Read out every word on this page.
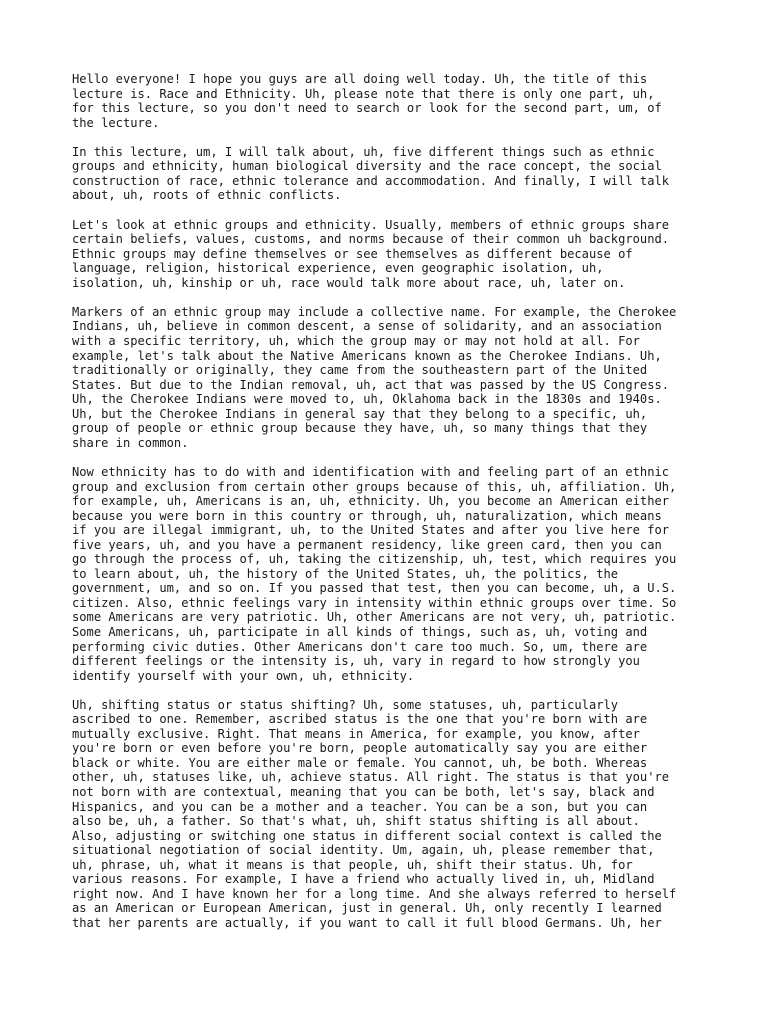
Hello everyone! I hope you guys are all doing well today. Uh, the title of this
lecture is. Race and Ethnicity. Uh, please note that there is only one part, uh,
for this lecture, so you don't need to search or look for the second part, um, of
the lecture.

In this lecture, um, I will talk about, uh, five different things such as ethnic
groups and ethnicity, human biological diversity and the race concept, the social
construction of race, ethnic tolerance and accommodation. And finally, I will talk
about, uh, roots of ethnic conflicts.

Let's look at ethnic groups and ethnicity. Usually, members of ethnic groups share
certain beliefs, values, customs, and norms because of their common uh background.
Ethnic groups may define themselves or see themselves as different because of
language, religion, historical experience, even geographic isolation, uh,
isolation, uh, kinship or uh, race would talk more about race, uh, later on.

Markers of an ethnic group may include a collective name. For example, the Cherokee
Indians, uh, believe in common descent, a sense of solidarity, and an association
with a specific territory, uh, which the group may or may not hold at all. For
example, let's talk about the Native Americans known as the Cherokee Indians. Uh,
traditionally or originally, they came from the southeastern part of the United
States. But due to the Indian removal, uh, act that was passed by the US Congress.
Uh, the Cherokee Indians were moved to, uh, Oklahoma back in the 1830s and 1940s.
Uh, but the Cherokee Indians in general say that they belong to a specific, uh,
group of people or ethnic group because they have, uh, so many things that they
share in common.

Now ethnicity has to do with and identification with and feeling part of an ethnic
group and exclusion from certain other groups because of this, uh, affiliation. Uh,
for example, uh, Americans is an, uh, ethnicity. Uh, you become an American either
because you were born in this country or through, uh, naturalization, which means
if you are illegal immigrant, uh, to the United States and after you live here for
five years, uh, and you have a permanent residency, like green card, then you can
go through the process of, uh, taking the citizenship, uh, test, which requires you
to learn about, uh, the history of the United States, uh, the politics, the
government, um, and so on. If you passed that test, then you can become, uh, a U.S.
citizen. Also, ethnic feelings vary in intensity within ethnic groups over time. So
some Americans are very patriotic. Uh, other Americans are not very, uh, patriotic.
Some Americans, uh, participate in all kinds of things, such as, uh, voting and
performing civic duties. Other Americans don't care too much. So, um, there are
different feelings or the intensity is, uh, vary in regard to how strongly you
identify yourself with your own, uh, ethnicity.

Uh, shifting status or status shifting? Uh, some statuses, uh, particularly
ascribed to one. Remember, ascribed status is the one that you're born with are
mutually exclusive. Right. That means in America, for example, you know, after
you're born or even before you're born, people automatically say you are either
black or white. You are either male or female. You cannot, uh, be both. Whereas
other, uh, statuses like, uh, achieve status. All right. The status is that you're
not born with are contextual, meaning that you can be both, let's say, black and
Hispanics, and you can be a mother and a teacher. You can be a son, but you can
also be, uh, a father. So that's what, uh, shift status shifting is all about.
Also, adjusting or switching one status in different social context is called the
situational negotiation of social identity. Um, again, uh, please remember that,
uh, phrase, uh, what it means is that people, uh, shift their status. Uh, for
various reasons. For example, I have a friend who actually lived in, uh, Midland
right now. And I have known her for a long time. And she always referred to herself
as an American or European American, just in general. Uh, only recently I learned
that her parents are actually, if you want to call it full blood Germans. Uh, her
